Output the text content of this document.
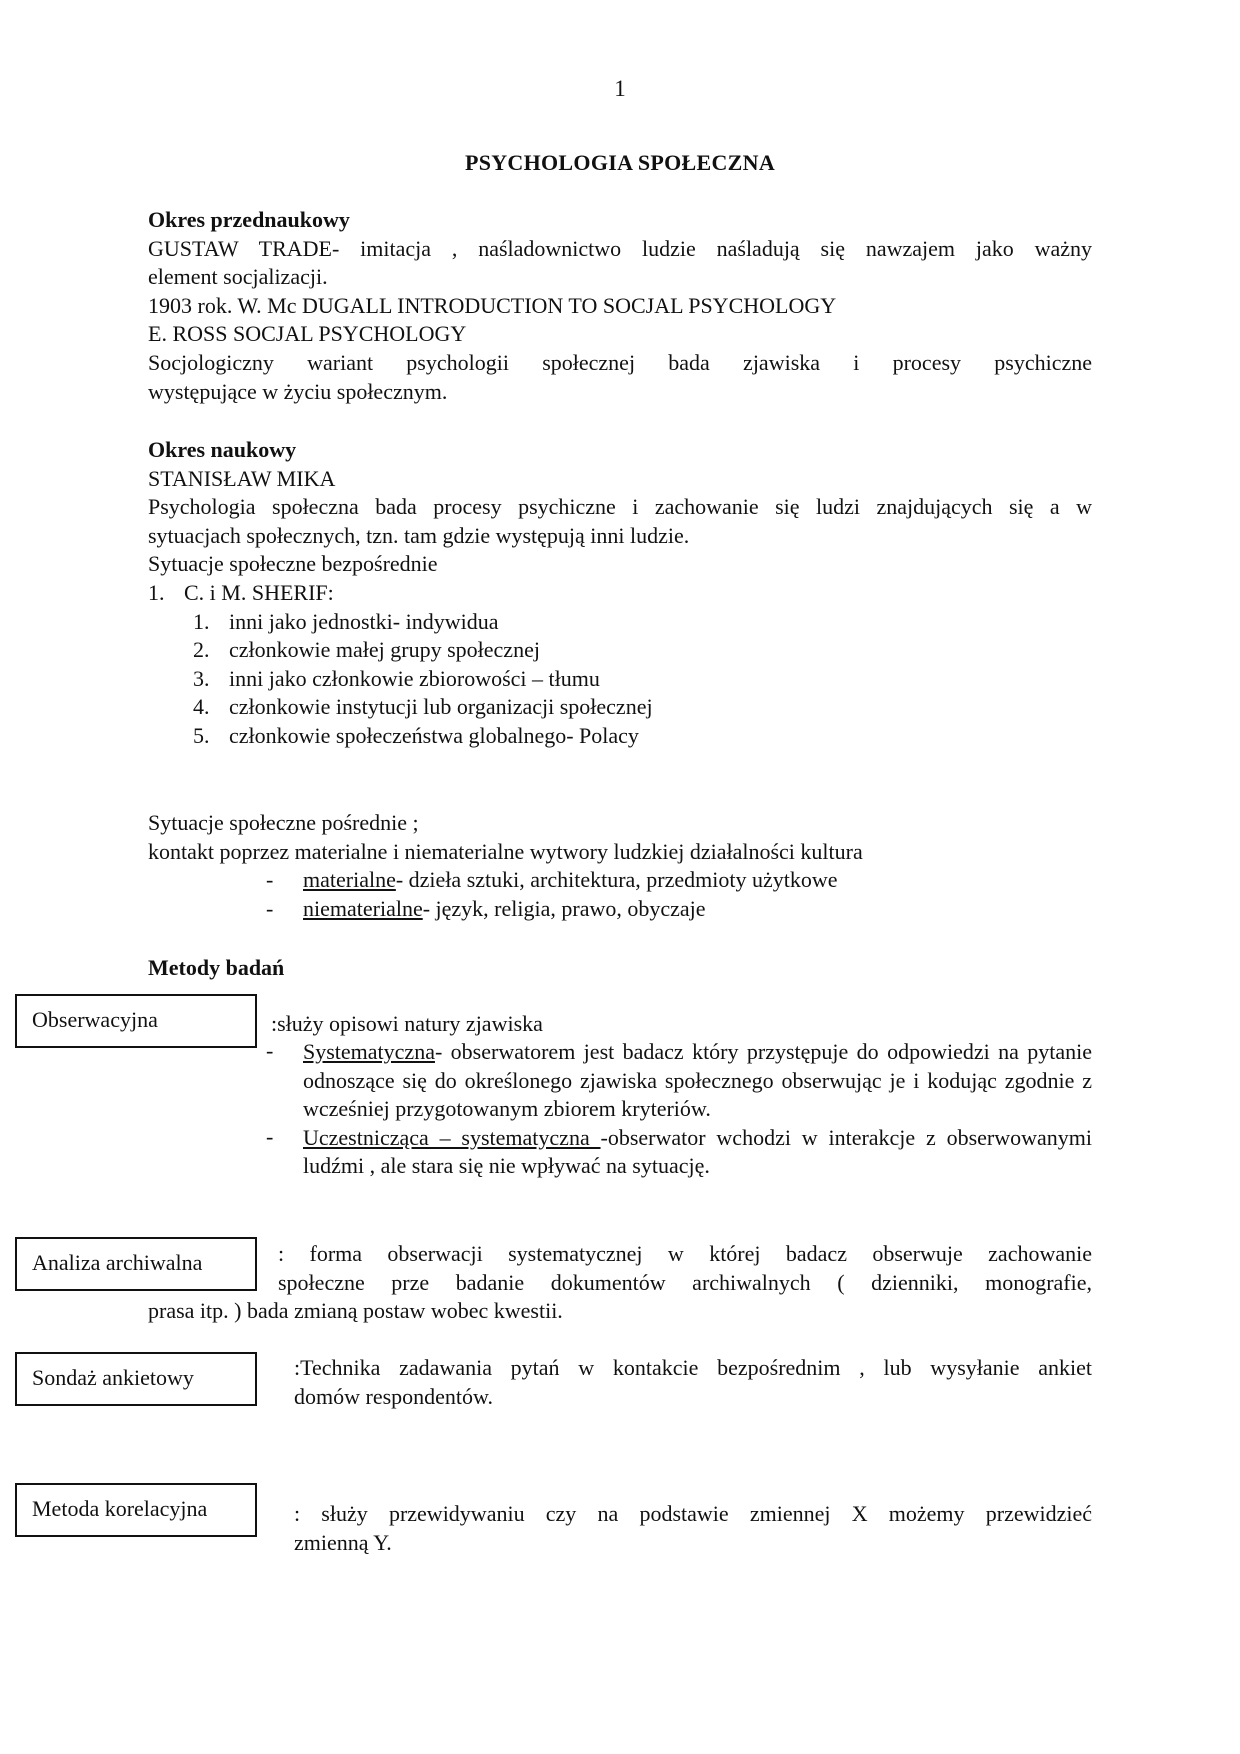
1
PSYCHOLOGIA SPOŁECZNA
Okres przednaukowy
GUSTAW TRADE- imitacja , naśladownictwo ludzie naśladują się nawzajem jako ważny
element socjalizacji.
1903 rok. W. Mc DUGALL INTRODUCTION TO SOCJAL PSYCHOLOGY
E. ROSS SOCJAL PSYCHOLOGY
Socjologiczny wariant psychologii społecznej bada zjawiska i procesy psychiczne
występujące w życiu społecznym.
Okres naukowy
STANISŁAW MIKA
Psychologia społeczna bada procesy psychiczne i zachowanie się ludzi znajdujących się a w
sytuacjach społecznych, tzn. tam gdzie występują inni ludzie.
Sytuacje społeczne bezpośrednie
1. C. i M. SHERIF:
1. inni jako jednostki- indywidua
2. członkowie małej grupy społecznej
3. inni jako członkowie zbiorowości – tłumu
4. członkowie instytucji lub organizacji społecznej
5. członkowie społeczeństwa globalnego- Polacy
Sytuacje społeczne pośrednie ;
kontakt poprzez materialne i niematerialne wytwory ludzkiej działalności kultura
- materialne- dzieła sztuki, architektura, przedmioty użytkowe
- niematerialne- język, religia, prawo, obyczaje
Metody badań
Obserwacyjna	:służy opisowi natury zjawiska
- Systematyczna- obserwatorem jest badacz który przystępuje do odpowiedzi na pytanie odnoszące się do określonego zjawiska społecznego obserwując je i kodując zgodnie z wcześniej przygotowanym zbiorem kryteriów.
- Uczestnicząca – systematyczna -obserwator wchodzi w interakcje z obserwowanymi ludźmi , ale stara się nie wpływać na sytuację.
Analiza archiwalna	: forma obserwacji systematycznej w której badacz obserwuje zachowanie
społeczne prze badanie dokumentów archiwalnych ( dzienniki, monografie,
prasa itp. ) bada zmianą postaw wobec kwestii.
Sondaż ankietowy	:Technika zadawania pytań w kontakcie bezpośrednim , lub wysyłanie ankiet
domów respondentów.
Metoda korelacyjna	: służy przewidywaniu czy na podstawie zmiennej X możemy przewidzieć
zmienną Y.
